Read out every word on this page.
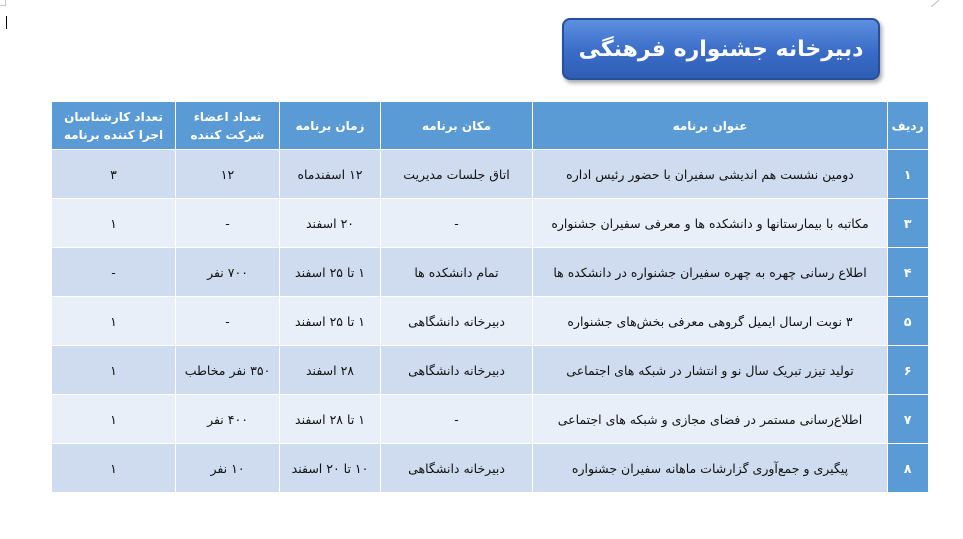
دبیرخانه جشنواره فرهنگی
ردیف	عنوان برنامه	مکان برنامه	زمان برنامه	تعداد اعضاء شرکت کننده	تعداد کارشناسان اجرا کننده برنامه
۱	دومین نشست هم اندیشی سفیران با حضور رئیس اداره	اتاق جلسات مدیریت	۱۲ اسفندماه	۱۲	۳
۳	مکاتبه با بیمارستانها و دانشکده ها و معرفی سفیران جشنواره	-	۲۰ اسفند	-	۱
۴	اطلاع رسانی چهره به چهره سفیران جشنواره در دانشکده ها	تمام دانشکده ها	۱ تا ۲۵ اسفند	۷۰۰ نفر	-
۵	۳ نوبت ارسال ایمیل گروهی معرفی بخش‌های جشنواره	دبیرخانه دانشگاهی	۱ تا ۲۵ اسفند	-	۱
۶	تولید تیزر تبریک سال نو و انتشار در شبکه های اجتماعی	دبیرخانه دانشگاهی	۲۸ اسفند	۳۵۰ نفر مخاطب	۱
۷	اطلاع‌رسانی مستمر در فضای مجازی و شبکه های اجتماعی	-	۱ تا ۲۸ اسفند	۴۰۰ نفر	۱
۸	پیگیری و جمع‌آوری گزارشات ماهانه سفیران جشنواره	دبیرخانه دانشگاهی	۱۰ تا ۲۰ اسفند	۱۰ نفر	۱
